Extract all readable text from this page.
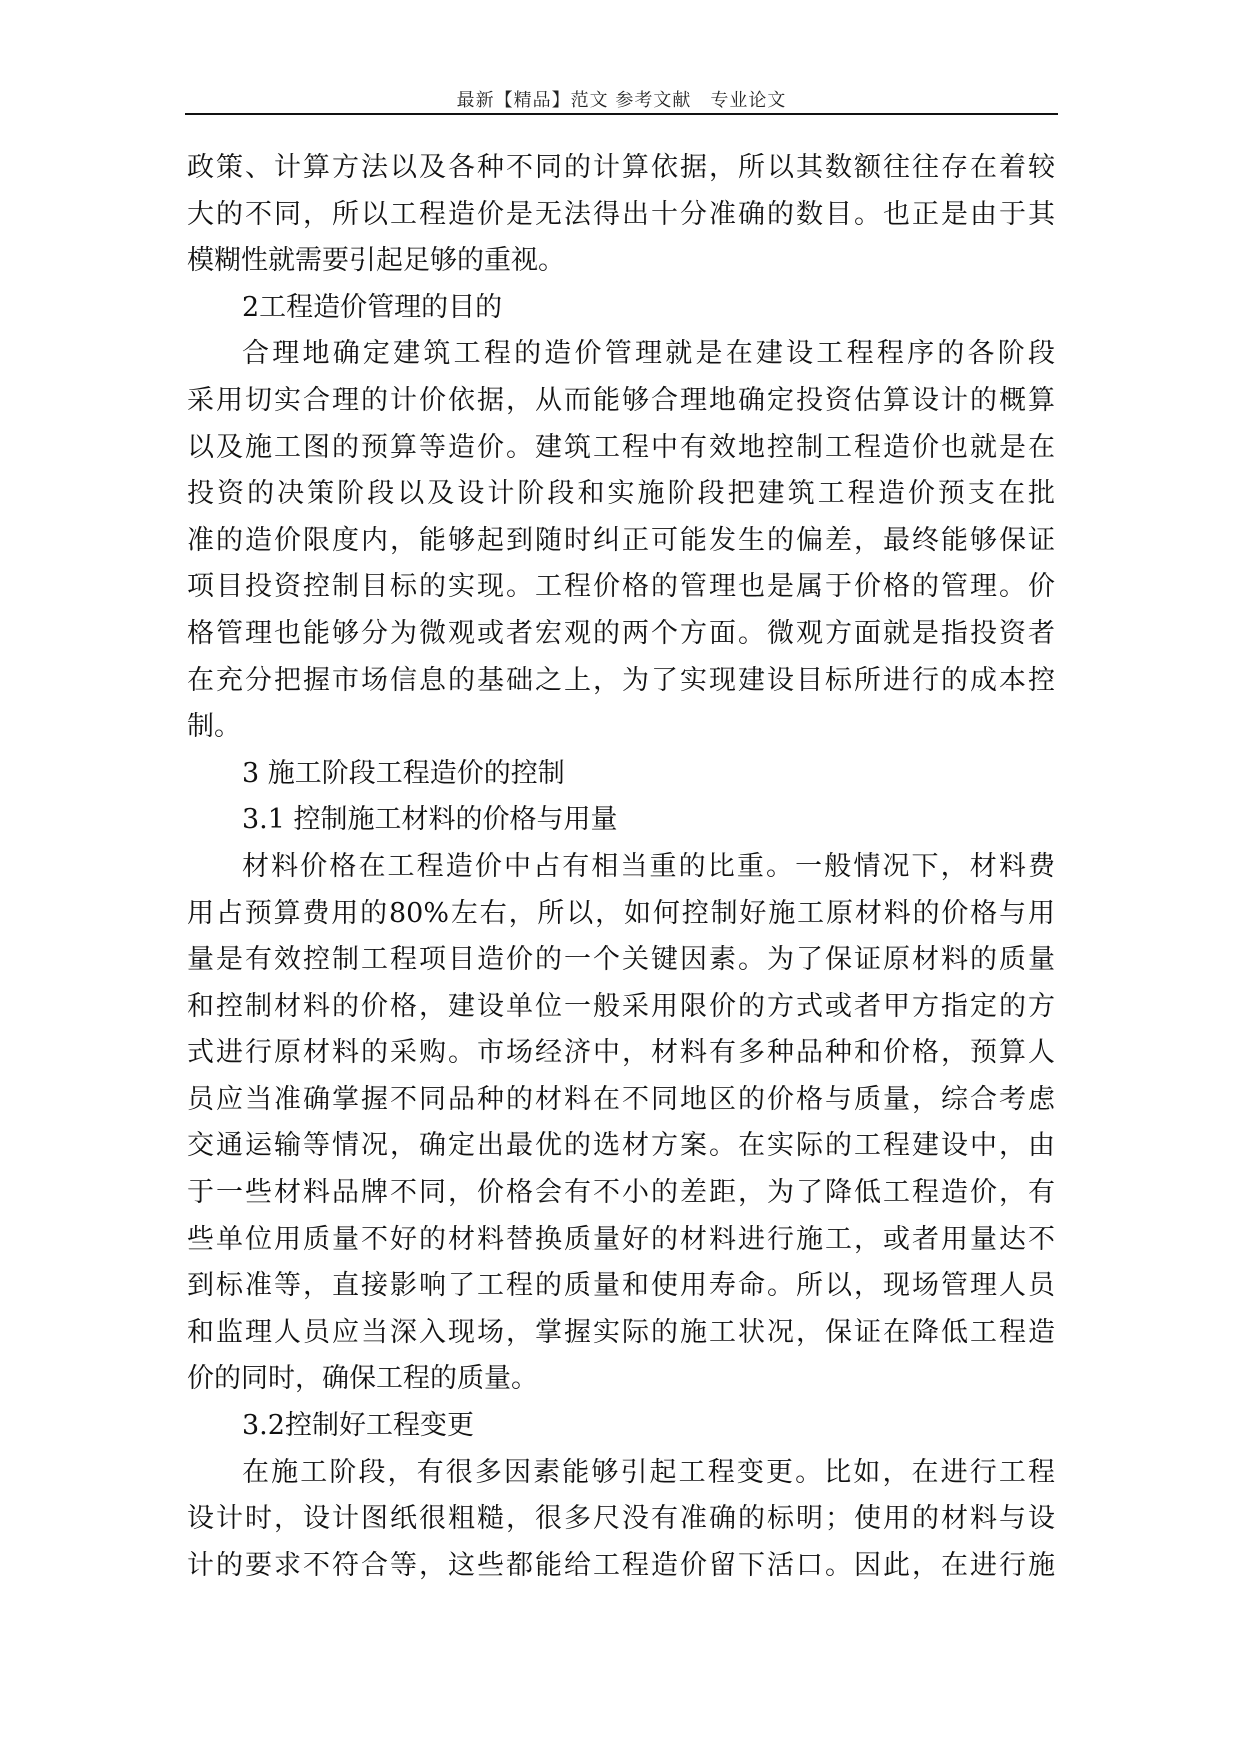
最新【精品】范文 参考文献　专业论文
政策、计算方法以及各种不同的计算依据，所以其数额往往存在着较
大的不同，所以工程造价是无法得出十分准确的数目。也正是由于其
模糊性就需要引起足够的重视。
2工程造价管理的目的
合理地确定建筑工程的造价管理就是在建设工程程序的各阶段
采用切实合理的计价依据，从而能够合理地确定投资估算设计的概算
以及施工图的预算等造价。建筑工程中有效地控制工程造价也就是在
投资的决策阶段以及设计阶段和实施阶段把建筑工程造价预支在批
准的造价限度内，能够起到随时纠正可能发生的偏差，最终能够保证
项目投资控制目标的实现。工程价格的管理也是属于价格的管理。价
格管理也能够分为微观或者宏观的两个方面。微观方面就是指投资者
在充分把握市场信息的基础之上，为了实现建设目标所进行的成本控
制。
3 施工阶段工程造价的控制
3.1 控制施工材料的价格与用量
材料价格在工程造价中占有相当重的比重。一般情况下，材料费
用占预算费用的80%左右，所以，如何控制好施工原材料的价格与用
量是有效控制工程项目造价的一个关键因素。为了保证原材料的质量
和控制材料的价格，建设单位一般采用限价的方式或者甲方指定的方
式进行原材料的采购。市场经济中，材料有多种品种和价格，预算人
员应当准确掌握不同品种的材料在不同地区的价格与质量，综合考虑
交通运输等情况，确定出最优的选材方案。在实际的工程建设中，由
于一些材料品牌不同，价格会有不小的差距，为了降低工程造价，有
些单位用质量不好的材料替换质量好的材料进行施工，或者用量达不
到标准等，直接影响了工程的质量和使用寿命。所以，现场管理人员
和监理人员应当深入现场，掌握实际的施工状况，保证在降低工程造
价的同时，确保工程的质量。
3.2控制好工程变更
在施工阶段，有很多因素能够引起工程变更。比如，在进行工程
设计时，设计图纸很粗糙，很多尺没有准确的标明；使用的材料与设
计的要求不符合等，这些都能给工程造价留下活口。因此，在进行施
